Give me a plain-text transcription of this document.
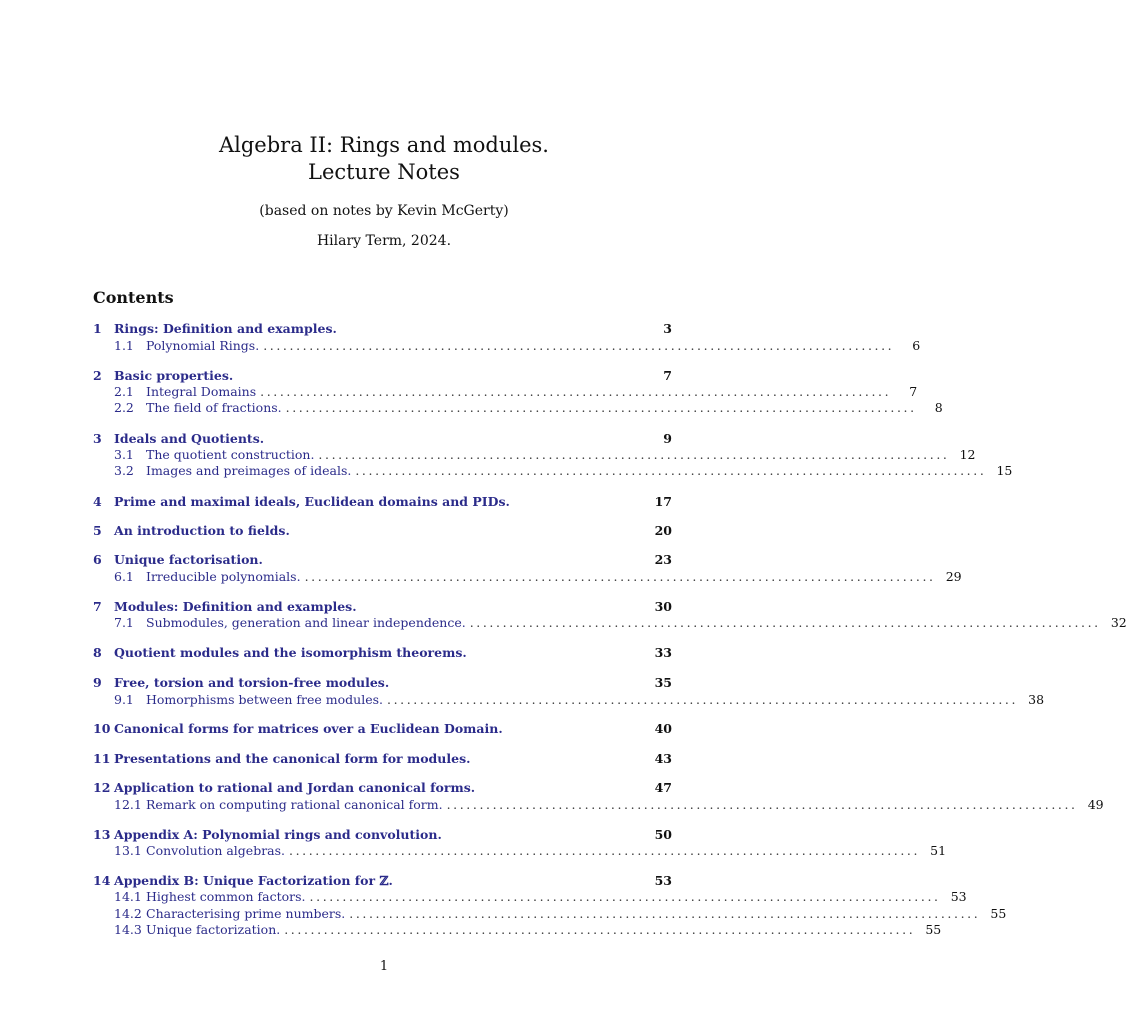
Algebra II: Rings and modules.
Lecture Notes
(based on notes by Kevin McGerty)
Hilary Term, 2024.
Contents
1 Rings: Definition and examples.	3
1.1 Polynomial Rings. ................................................................................................	6
2 Basic properties.	7
2.1 Integral Domains ................................................................................................	7
2.2 The field of fractions. ................................................................................................	8
3 Ideals and Quotients.	9
3.1 The quotient construction. ................................................................................................ 12
3.2 Images and preimages of ideals. ................................................................................................ 15
4 Prime and maximal ideals, Euclidean domains and PIDs.	17
5 An introduction to fields.	20
6 Unique factorisation.	23
6.1 Irreducible polynomials. ................................................................................................ 29
7 Modules: Definition and examples.	30
7.1 Submodules, generation and linear independence. ................................................................................................ 32
8 Quotient modules and the isomorphism theorems.	33
9 Free, torsion and torsion-free modules.	35
9.1 Homorphisms between free modules. ................................................................................................ 38
10 Canonical forms for matrices over a Euclidean Domain.	40
11 Presentations and the canonical form for modules.	43
12 Application to rational and Jordan canonical forms.	47
12.1 Remark on computing rational canonical form. ................................................................................................ 49
13 Appendix A: Polynomial rings and convolution.	50
13.1 Convolution algebras. ................................................................................................ 51
14 Appendix B: Unique Factorization for ℤ.	53
14.1 Highest common factors. ................................................................................................ 53
14.2 Characterising prime numbers. ................................................................................................ 55
14.3 Unique factorization. ................................................................................................ 55
1
